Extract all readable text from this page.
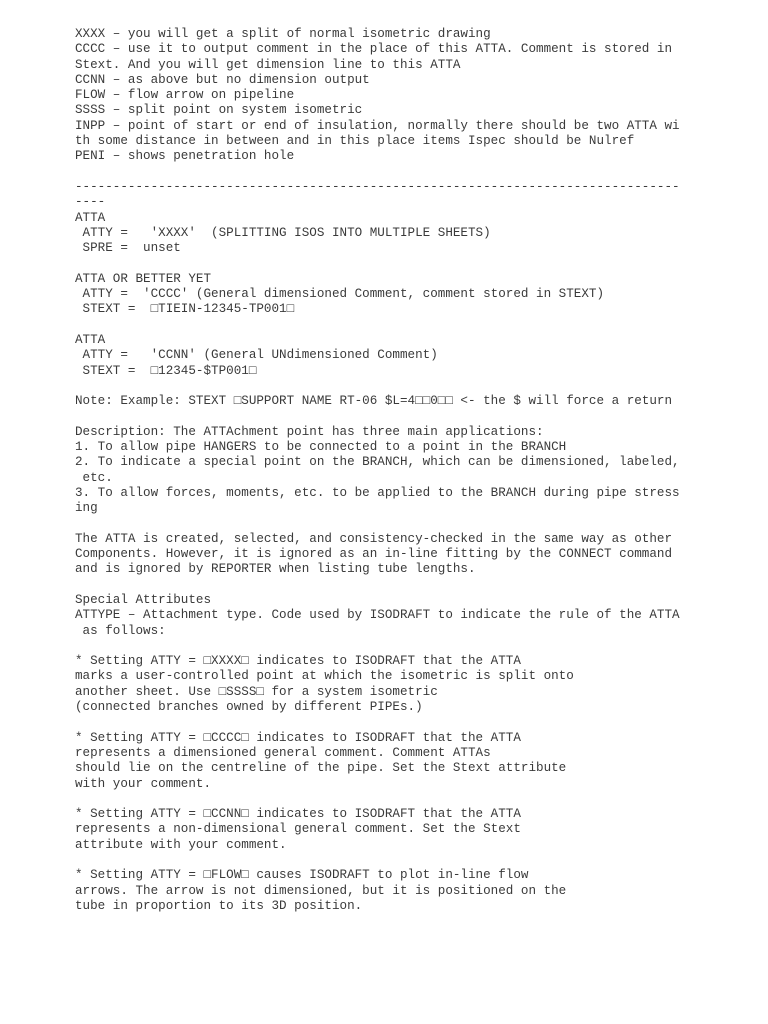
XXXX – you will get a split of normal isometric drawing
CCCC – use it to output comment in the place of this ATTA. Comment is stored in
Stext. And you will get dimension line to this ATTA
CCNN – as above but no dimension output
FLOW – flow arrow on pipeline
SSSS – split point on system isometric
INPP – point of start or end of insulation, normally there should be two ATTA wi
th some distance in between and in this place items Ispec should be Nulref
PENI – shows penetration hole
--------------------------------------------------------------------------------
----
ATTA
ATTY =   'XXXX'  (SPLITTING ISOS INTO MULTIPLE SHEETS)
SPRE =  unset
ATTA OR BETTER YET
ATTY =  'CCCC' (General dimensioned Comment, comment stored in STEXT)
STEXT =  □TIEIN-12345-TP001□
ATTA
ATTY =   'CCNN' (General UNdimensioned Comment)
STEXT =  □12345-$TP001□
Note: Example: STEXT □SUPPORT NAME RT-06 $L=4□□0□□ <- the $ will force a return
Description: The ATTAchment point has three main applications:
1. To allow pipe HANGERS to be connected to a point in the BRANCH
2. To indicate a special point on the BRANCH, which can be dimensioned, labeled,
etc.
3. To allow forces, moments, etc. to be applied to the BRANCH during pipe stress
ing
The ATTA is created, selected, and consistency-checked in the same way as other
Components. However, it is ignored as an in-line fitting by the CONNECT command
and is ignored by REPORTER when listing tube lengths.
Special Attributes
ATTYPE – Attachment type. Code used by ISODRAFT to indicate the rule of the ATTA
as follows:
* Setting ATTY = □XXXX□ indicates to ISODRAFT that the ATTA
marks a user-controlled point at which the isometric is split onto
another sheet. Use □SSSS□ for a system isometric
(connected branches owned by different PIPEs.)
* Setting ATTY = □CCCC□ indicates to ISODRAFT that the ATTA
represents a dimensioned general comment. Comment ATTAs
should lie on the centreline of the pipe. Set the Stext attribute
with your comment.
* Setting ATTY = □CCNN□ indicates to ISODRAFT that the ATTA
represents a non-dimensional general comment. Set the Stext
attribute with your comment.
* Setting ATTY = □FLOW□ causes ISODRAFT to plot in-line flow
arrows. The arrow is not dimensioned, but it is positioned on the
tube in proportion to its 3D position.
